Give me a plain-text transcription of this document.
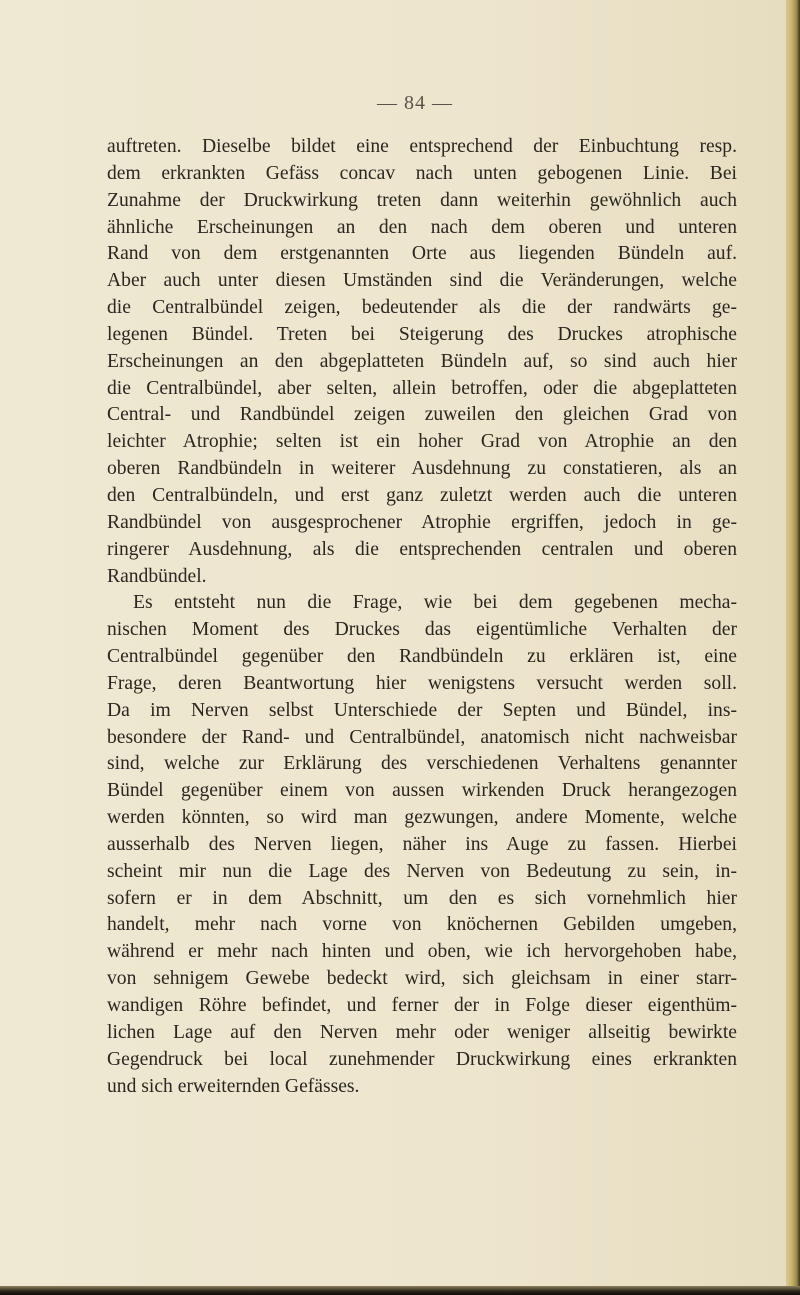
— 84 —
auftreten. Dieselbe bildet eine entsprechend der Einbuchtung resp.
dem erkrankten Gefäss concav nach unten gebogenen Linie. Bei
Zunahme der Druckwirkung treten dann weiterhin gewöhnlich auch
ähnliche Erscheinungen an den nach dem oberen und unteren
Rand von dem erstgenannten Orte aus liegenden Bündeln auf.
Aber auch unter diesen Umständen sind die Veränderungen, welche
die Centralbündel zeigen, bedeutender als die der randwärts ge-
legenen Bündel. Treten bei Steigerung des Druckes atrophische
Erscheinungen an den abgeplatteten Bündeln auf, so sind auch hier
die Centralbündel, aber selten, allein betroffen, oder die abgeplatteten
Central- und Randbündel zeigen zuweilen den gleichen Grad von
leichter Atrophie; selten ist ein hoher Grad von Atrophie an den
oberen Randbündeln in weiterer Ausdehnung zu constatieren, als an
den Centralbündeln, und erst ganz zuletzt werden auch die unteren
Randbündel von ausgesprochener Atrophie ergriffen, jedoch in ge-
ringerer Ausdehnung, als die entsprechenden centralen und oberen
Randbündel.
Es entsteht nun die Frage, wie bei dem gegebenen mecha-
nischen Moment des Druckes das eigentümliche Verhalten der
Centralbündel gegenüber den Randbündeln zu erklären ist, eine
Frage, deren Beantwortung hier wenigstens versucht werden soll.
Da im Nerven selbst Unterschiede der Septen und Bündel, ins-
besondere der Rand- und Centralbündel, anatomisch nicht nachweisbar
sind, welche zur Erklärung des verschiedenen Verhaltens genannter
Bündel gegenüber einem von aussen wirkenden Druck herangezogen
werden könnten, so wird man gezwungen, andere Momente, welche
ausserhalb des Nerven liegen, näher ins Auge zu fassen. Hierbei
scheint mir nun die Lage des Nerven von Bedeutung zu sein, in-
sofern er in dem Abschnitt, um den es sich vornehmlich hier
handelt, mehr nach vorne von knöchernen Gebilden umgeben,
während er mehr nach hinten und oben, wie ich hervorgehoben habe,
von sehnigem Gewebe bedeckt wird, sich gleichsam in einer starr-
wandigen Röhre befindet, und ferner der in Folge dieser eigenthüm-
lichen Lage auf den Nerven mehr oder weniger allseitig bewirkte
Gegendruck bei local zunehmender Druckwirkung eines erkrankten
und sich erweiternden Gefässes.
